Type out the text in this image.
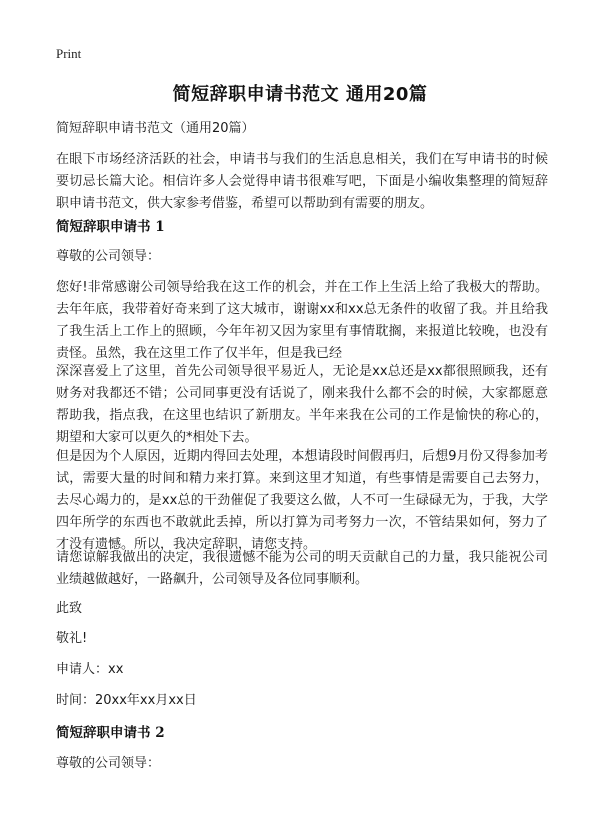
Print
简短辞职申请书范文 通用20篇
简短辞职申请书范文（通用20篇）
在眼下市场经济活跃的社会，申请书与我们的生活息息相关，我们在写申请书的时候要切忌长篇大论。相信许多人会觉得申请书很难写吧，下面是小编收集整理的简短辞职申请书范文，供大家参考借鉴，希望可以帮助到有需要的朋友。
简短辞职申请书 1
尊敬的公司领导：
您好!非常感谢公司领导给我在这工作的机会，并在工作上生活上给了我极大的帮助。去年年底，我带着好奇来到了这大城市，谢谢xx和xx总无条件的收留了我。并且给我了我生活上工作上的照顾，今年年初又因为家里有事情耽搁，来报道比较晚，也没有责怪。虽然，我在这里工作了仅半年，但是我已经
深深喜爱上了这里，首先公司领导很平易近人，无论是xx总还是xx都很照顾我，还有财务对我都还不错；公司同事更没有话说了，刚来我什么都不会的时候，大家都愿意帮助我，指点我，在这里也结识了新朋友。半年来我在公司的工作是愉快的称心的，期望和大家可以更久的*相处下去。
但是因为个人原因，近期内得回去处理，本想请段时间假再归，后想9月份又得参加考试，需要大量的时间和精力来打算。来到这里才知道，有些事情是需要自己去努力，去尽心竭力的，是xx总的干劲催促了我要这么做，人不可一生碌碌无为，于我，大学四年所学的东西也不敢就此丢掉，所以打算为司考努力一次，不管结果如何，努力了才没有遗憾。所以，我决定辞职，请您支持。
请您谅解我做出的决定，我很遗憾不能为公司的明天贡献自己的力量，我只能祝公司业绩越做越好，一路飙升，公司领导及各位同事顺利。
此致
敬礼!
申请人：xx
时间：20xx年xx月xx日
简短辞职申请书 2
尊敬的公司领导：
